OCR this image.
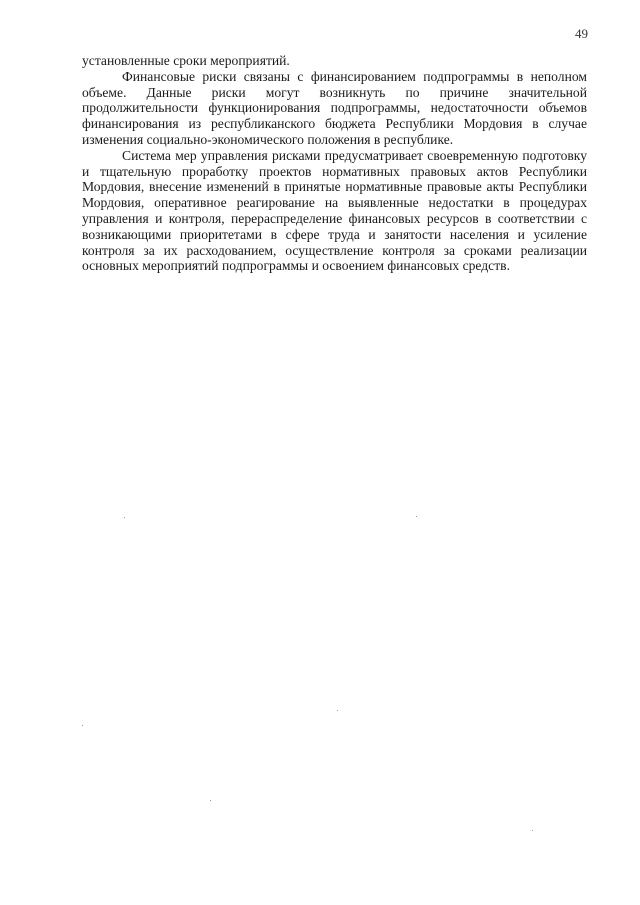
49

установленные сроки мероприятий.

Финансовые риски связаны с финансированием подпрограммы в неполном объеме. Данные риски могут возникнуть по причине значительной продолжительности функционирования подпрограммы, недостаточности объемов финансирования из республиканского бюджета Республики Мордовия в случае изменения социально-экономического положения в республике.

Система мер управления рисками предусматривает своевременную подготовку и тщательную проработку проектов нормативных правовых актов Республики Мордовия, внесение изменений в принятые нормативные правовые акты Республики Мордовия, оперативное реагирование на выявленные недостатки в процедурах управления и контроля, перераспределение финансовых ресурсов в соответствии с возникающими приоритетами в сфере труда и занятости населения и усиление контроля за их расходованием, осуществление контроля за сроками реализации основных мероприятий подпрограммы и освоением финансовых средств.
